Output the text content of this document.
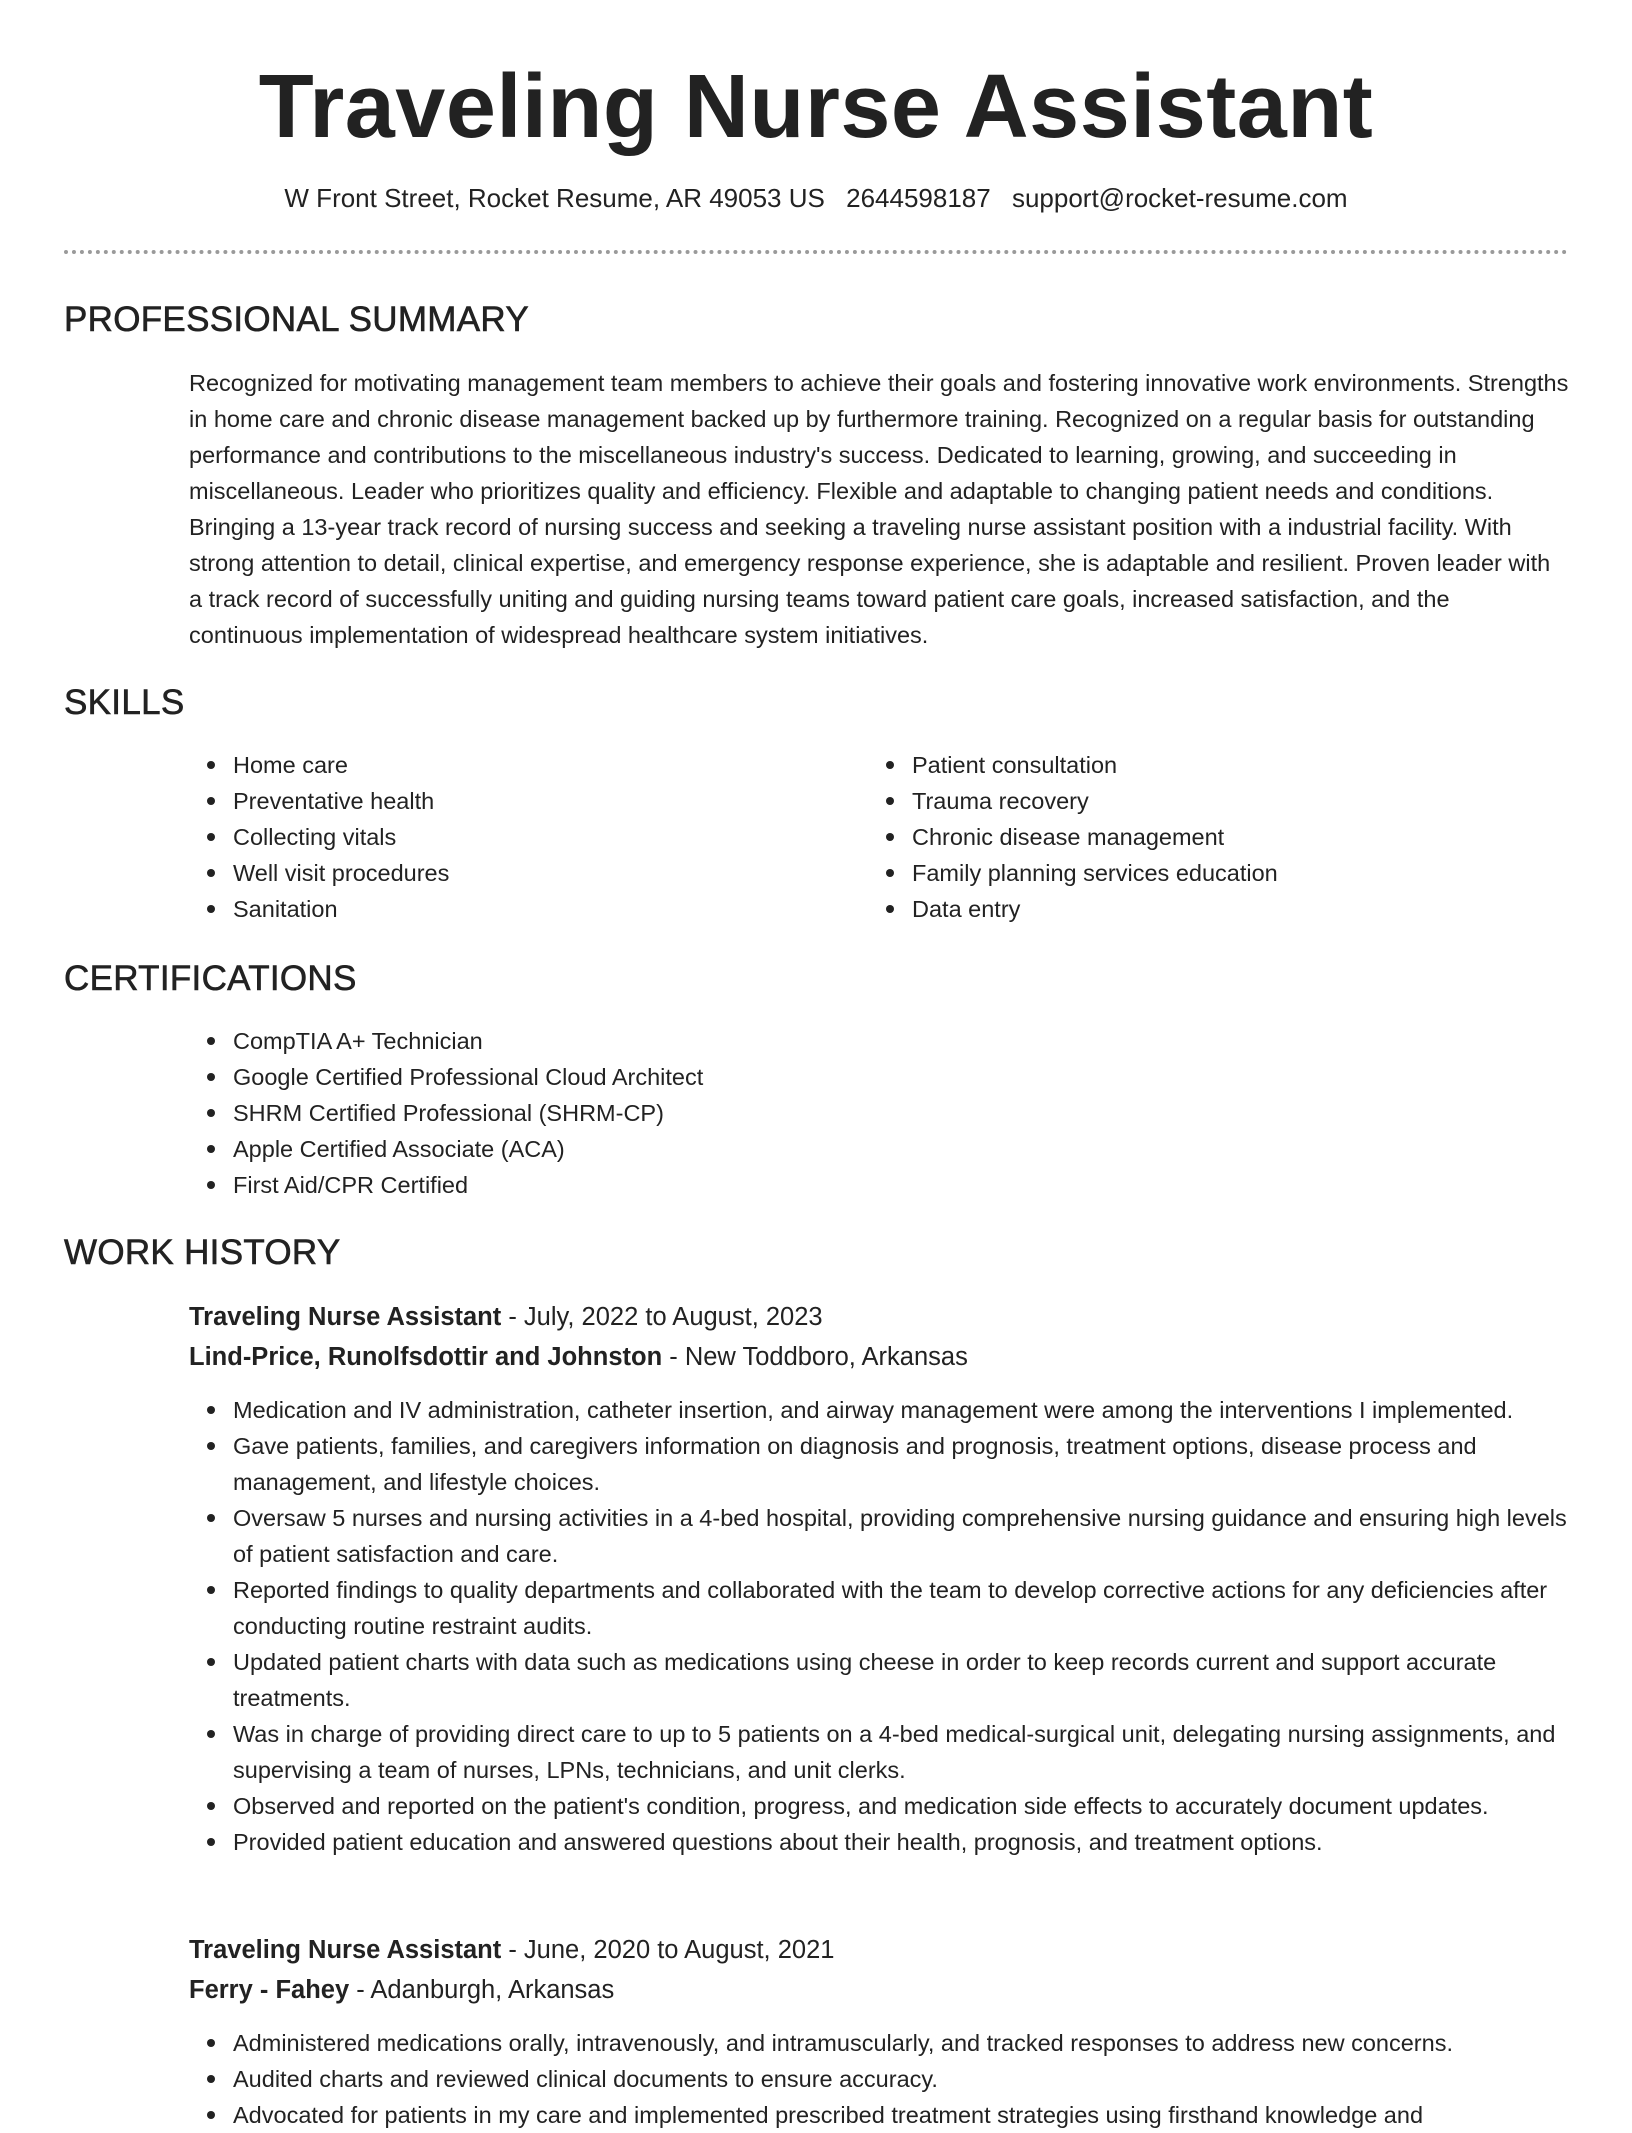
Traveling Nurse Assistant
W Front Street, Rocket Resume, AR 49053 US 2644598187 support@rocket-resume.com
PROFESSIONAL SUMMARY

Recognized for motivating management team members to achieve their goals and fostering innovative work environments. Strengths in home care and chronic disease management backed up by furthermore training. Recognized on a regular basis for outstanding performance and contributions to the miscellaneous industry's success. Dedicated to learning, growing, and succeeding in miscellaneous. Leader who prioritizes quality and efficiency. Flexible and adaptable to changing patient needs and conditions. Bringing a 13-year track record of nursing success and seeking a traveling nurse assistant position with a industrial facility. With strong attention to detail, clinical expertise, and emergency response experience, she is adaptable and resilient. Proven leader with a track record of successfully uniting and guiding nursing teams toward patient care goals, increased satisfaction, and the continuous implementation of widespread healthcare system initiatives.

SKILLS
Home care
Preventative health
Collecting vitals
Well visit procedures
Sanitation
Patient consultation
Trauma recovery
Chronic disease management
Family planning services education
Data entry
CERTIFICATIONS
CompTIA A+ Technician
Google Certified Professional Cloud Architect
SHRM Certified Professional (SHRM-CP)
Apple Certified Associate (ACA)
First Aid/CPR Certified
WORK HISTORY
Traveling Nurse Assistant - July, 2022 to August, 2023
Lind-Price, Runolfsdottir and Johnston - New Toddboro, Arkansas
Medication and IV administration, catheter insertion, and airway management were among the interventions I implemented.
Gave patients, families, and caregivers information on diagnosis and prognosis, treatment options, disease process and management, and lifestyle choices.
Oversaw 5 nurses and nursing activities in a 4-bed hospital, providing comprehensive nursing guidance and ensuring high levels of patient satisfaction and care.
Reported findings to quality departments and collaborated with the team to develop corrective actions for any deficiencies after conducting routine restraint audits.
Updated patient charts with data such as medications using cheese in order to keep records current and support accurate treatments.
Was in charge of providing direct care to up to 5 patients on a 4-bed medical-surgical unit, delegating nursing assignments, and supervising a team of nurses, LPNs, technicians, and unit clerks.
Observed and reported on the patient's condition, progress, and medication side effects to accurately document updates.
Provided patient education and answered questions about their health, prognosis, and treatment options.
Traveling Nurse Assistant - June, 2020 to August, 2021
Ferry - Fahey - Adanburgh, Arkansas
Administered medications orally, intravenously, and intramuscularly, and tracked responses to address new concerns.
Audited charts and reviewed clinical documents to ensure accuracy.
Advocated for patients in my care and implemented prescribed treatment strategies using firsthand knowledge and
